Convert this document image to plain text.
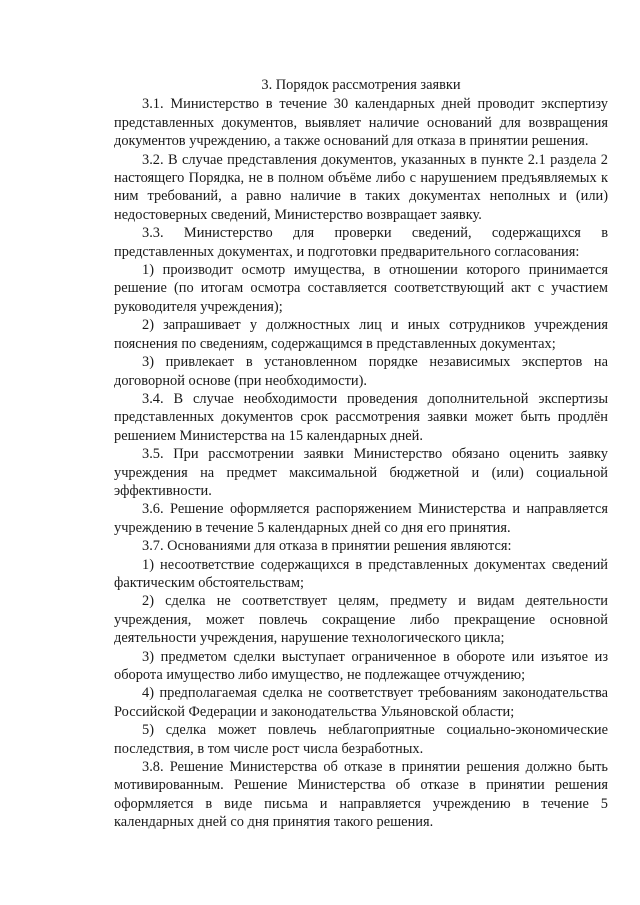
3. Порядок рассмотрения заявки

3.1. Министерство в течение 30 календарных дней проводит экспертизу представленных документов, выявляет наличие оснований для возвращения документов учреждению, а также оснований для отказа в принятии решения.

3.2. В случае представления документов, указанных в пункте 2.1 раздела 2 настоящего Порядка, не в полном объёме либо с нарушением предъявляемых к ним требований, а равно наличие в таких документах неполных и (или) недостоверных сведений, Министерство возвращает заявку.

3.3. Министерство для проверки сведений, содержащихся в представленных документах, и подготовки предварительного согласования:

1) производит осмотр имущества, в отношении которого принимается решение (по итогам осмотра составляется соответствующий акт с участием руководителя учреждения);

2) запрашивает у должностных лиц и иных сотрудников учреждения пояснения по сведениям, содержащимся в представленных документах;

3) привлекает в установленном порядке независимых экспертов на договорной основе (при необходимости).

3.4. В случае необходимости проведения дополнительной экспертизы представленных документов срок рассмотрения заявки может быть продлён решением Министерства на 15 календарных дней.

3.5. При рассмотрении заявки Министерство обязано оценить заявку учреждения на предмет максимальной бюджетной и (или) социальной эффективности.

3.6. Решение оформляется распоряжением Министерства и направляется учреждению в течение 5 календарных дней со дня его принятия.

3.7. Основаниями для отказа в принятии решения являются:

1) несоответствие содержащихся в представленных документах сведений фактическим обстоятельствам;

2) сделка не соответствует целям, предмету и видам деятельности учреждения, может повлечь сокращение либо прекращение основной деятельности учреждения, нарушение технологического цикла;

3) предметом сделки выступает ограниченное в обороте или изъятое из оборота имущество либо имущество, не подлежащее отчуждению;

4) предполагаемая сделка не соответствует требованиям законодательства Российской Федерации и законодательства Ульяновской области;

5) сделка может повлечь неблагоприятные социально-экономические последствия, в том числе рост числа безработных.

3.8. Решение Министерства об отказе в принятии решения должно быть мотивированным. Решение Министерства об отказе в принятии решения оформляется в виде письма и направляется учреждению в течение 5 календарных дней со дня принятия такого решения.
